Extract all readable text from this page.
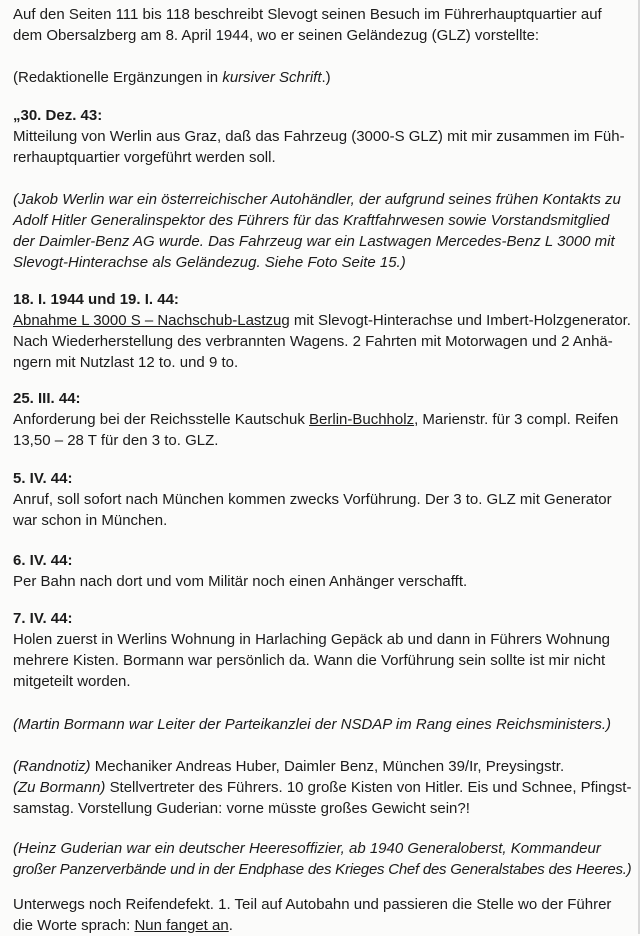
Auf den Seiten 111 bis 118 beschreibt Slevogt seinen Besuch im Führerhauptquartier auf

dem Obersalzberg am 8. April 1944, wo er seinen Geländezug (GLZ) vorstellte:

(Redaktionelle Ergänzungen in kursiver Schrift.)

„30. Dez. 43:

Mitteilung von Werlin aus Graz, daß das Fahrzeug (3000-S GLZ) mit mir zusammen im Füh-

rerhauptquartier vorgeführt werden soll.

(Jakob Werlin war ein österreichischer Autohändler, der aufgrund seines frühen Kontakts zu

Adolf Hitler Generalinspektor des Führers für das Kraftfahrwesen sowie Vorstandsmitglied

der Daimler-Benz AG wurde. Das Fahrzeug war ein Lastwagen Mercedes-Benz L 3000 mit

Slevogt-Hinterachse als Geländezug. Siehe Foto Seite 15.)

18. I. 1944 und 19. I. 44:

Abnahme L 3000 S – Nachschub-Lastzug mit Slevogt-Hinterachse und Imbert-Holzgenerator.

Nach Wiederherstellung des verbrannten Wagens. 2 Fahrten mit Motorwagen und 2 Anhä-

ngern mit Nutzlast 12 to. und 9 to.

25. III. 44:

Anforderung bei der Reichsstelle Kautschuk Berlin-Buchholz, Marienstr. für 3 compl. Reifen

13,50 – 28 T für den 3 to. GLZ.

5. IV. 44:

Anruf, soll sofort nach München kommen zwecks Vorführung. Der 3 to. GLZ mit Generator

war schon in München.

6. IV. 44:

Per Bahn nach dort und vom Militär noch einen Anhänger verschafft.

7. IV. 44:

Holen zuerst in Werlins Wohnung in Harlaching Gepäck ab und dann in Führers Wohnung

mehrere Kisten. Bormann war persönlich da. Wann die Vorführung sein sollte ist mir nicht

mitgeteilt worden.

(Martin Bormann war Leiter der Parteikanzlei der NSDAP im Rang eines Reichsministers.)

(Randnotiz) Mechaniker Andreas Huber, Daimler Benz, München 39/Ir, Preysingstr.

(Zu Bormann) Stellvertreter des Führers. 10 große Kisten von Hitler. Eis und Schnee, Pfingst-

samstag. Vorstellung Guderian: vorne müsste großes Gewicht sein?!

(Heinz Guderian war ein deutscher Heeresoffizier, ab 1940 Generaloberst, Kommandeur

großer Panzerverbände und in der Endphase des Krieges Chef des Generalstabes des Heeres.)

Unterwegs noch Reifendefekt. 1. Teil auf Autobahn und passieren die Stelle wo der Führer

die Worte sprach: Nun fanget an.
